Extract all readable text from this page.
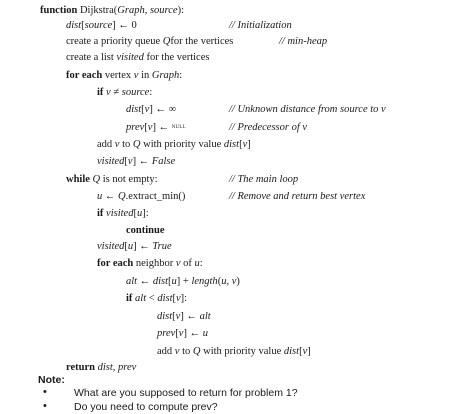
function Dijkstra(Graph, source):
dist[source] ← 0	// Initialization
create a priority queue Qfor the vertices	// min-heap
create a list visited for the vertices
for each vertex v in Graph:
if v ≠ source:
dist[v] ← ∞	// Unknown distance from source to v
prev[v] ← NULL	// Predecessor of v
add v to Q with priority value dist[v]
visited[v] ← False
while Q is not empty:	// The main loop
u ← Q.extract_min()	// Remove and return best vertex
if visited[u]:
continue
visited[u] ← True
for each neighbor v of u:
alt ← dist[u] + length(u, v)
if alt < dist[v]:
dist[v] ← alt
prev[v] ← u
add v to Q with priority value dist[v]
return dist, prev
Note:
•	What are you supposed to return for problem 1?
•	Do you need to compute prev?
